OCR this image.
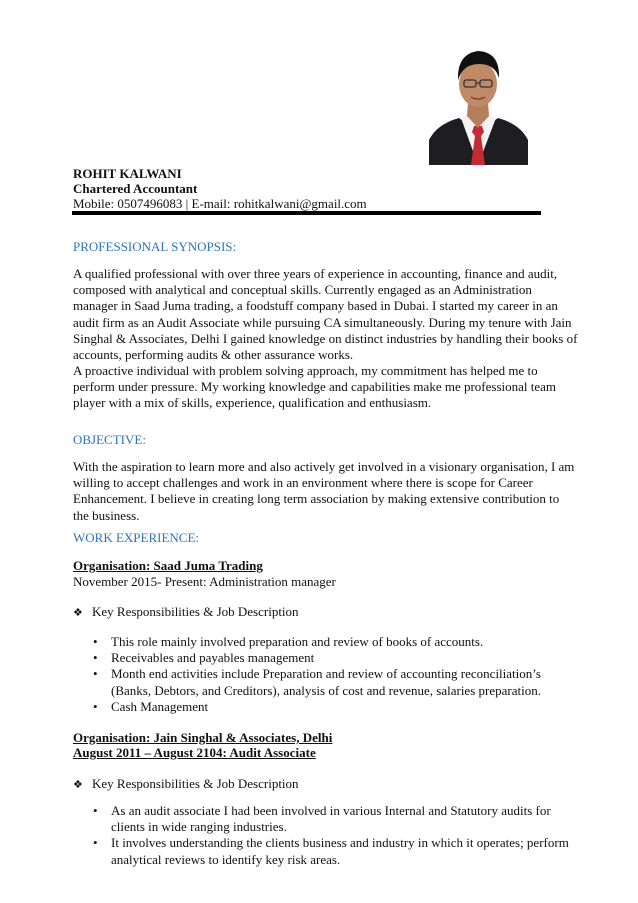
ROHIT KALWANI
Chartered Accountant
Mobile: 0507496083 | E-mail: rohitkalwani@gmail.com
PROFESSIONAL SYNOPSIS:

A qualified professional with over three years of experience in accounting, finance and audit, composed with analytical and conceptual skills. Currently engaged as an Administration manager in Saad Juma trading, a foodstuff company based in Dubai. I started my career in an audit firm as an Audit Associate while pursuing CA simultaneously. During my tenure with Jain Singhal & Associates, Delhi I gained knowledge on distinct industries by handling their books of accounts, performing audits & other assurance works.

A proactive individual with problem solving approach, my commitment has helped me to perform under pressure. My working knowledge and capabilities make me professional team player with a mix of skills, experience, qualification and enthusiasm.

OBJECTIVE:

With the aspiration to learn more and also actively get involved in a visionary organisation, I am willing to accept challenges and work in an environment where there is scope for Career Enhancement. I believe in creating long term association by making extensive contribution to the business.

WORK EXPERIENCE:
Organisation: Saad Juma Trading
November 2015- Present: Administration manager
❖ Key Responsibilities & Job Description
• This role mainly involved preparation and review of books of accounts.
• Receivables and payables management
• Month end activities include Preparation and review of accounting reconciliation’s (Banks, Debtors, and Creditors), analysis of cost and revenue, salaries preparation.
• Cash Management
Organisation: Jain Singhal & Associates, Delhi
August 2011 – August 2104: Audit Associate
❖ Key Responsibilities & Job Description
• As an audit associate I had been involved in various Internal and Statutory audits for clients in wide ranging industries.
• It involves understanding the clients business and industry in which it operates; perform analytical reviews to identify key risk areas.
